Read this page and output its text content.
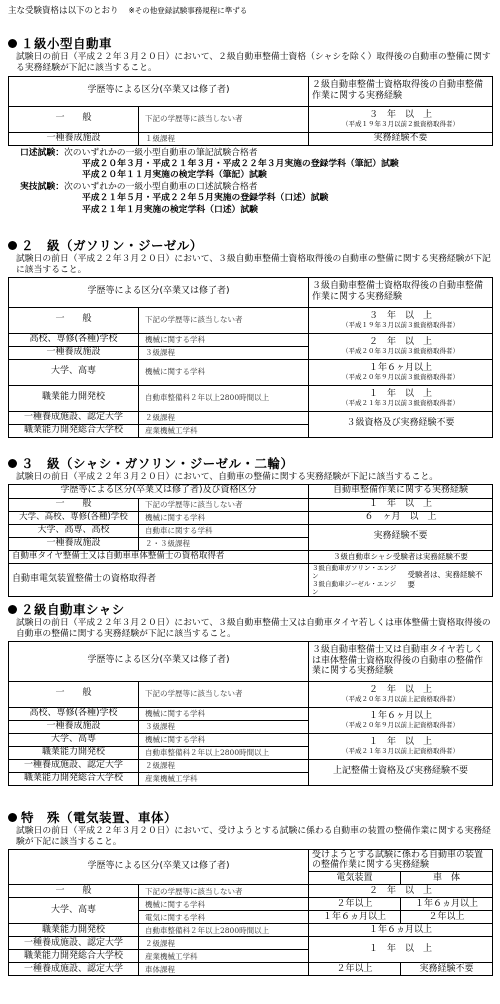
主な受験資格は以下のとおり ※その他登録試験事務規程に準ずる
１級小型自動車
試験日の前日（平成２２年３月２０日）において、２級自動車整備士資格（シャシを除く）取得後の自動車の整備に関する実務経験が下記に該当すること。
学歴等による区分(卒業又は修了者)		２級自動車整備士資格取得後の自動車整備作業に関する実務経験
一　　般	下記の学歴等に該当しない者	３　年　以　上
（平成１９年３月以前２級資格取得者）

一種養成施設	１級課程	実務経験不要
口述試験：次のいずれかの一級小型自動車の筆記試験合格者
平成２０年３月・平成２１年３月・平成２２年３月実施の登録学科（筆記）試験
平成２０年１１月実施の検定学科（筆記）試験
実技試験：次のいずれかの一級小型自動車の口述試験合格者
平成２１年５月・平成２２年５月実施の登録学科（口述）試験
平成２１年１月実施の検定学科（口述）試験
２　級（ガソリン・ジーゼル）
試験日の前日（平成２２年３月２０日）において、３級自動車整備士資格取得後の自動車の整備に関する実務経験が下記に該当すること。
学歴等による区分(卒業又は修了者)		３級自動車整備士資格取得後の自動車整備作業に関する実務経験
一　　般	下記の学歴等に該当しない者	３　年　以　上
（平成１９年３月以前３級資格取得者）

高校、専修(各種)学校	機械に関する学科	２　年　以　上
（平成２０年３月以前３級資格取得者）

一種養成施設	３級課程	
大学、高専	機械に関する学科	１年６ヶ月以上
（平成２０年９月以前３級資格取得者）

職業能力開発校	自動車整備科２年以上2800時間以上	１　年　以　上
（平成２１年３月以前３級資格取得者）

一種養成施設、認定大学	２級課程	３級資格及び実務経験不要
職業能力開発総合大学校	産業機械工学科	
３　級（シャシ・ガソリン・ジーゼル・二輪）
試験日の前日（平成２２年３月２０日）において、自動車の整備に関する実務経験が下記に該当すること。
学歴等による区分(卒業又は修了者)及び資格区分		自動車整備作業に関する実務経験
一　　般	下記の学歴等に該当しない者	１　年　以　上
大学、高校、専修(各種)学校	機械に関する学科	６　ヶ月　以　上
大学、高専、高校	自動車に関する学科	実務経験不要
一種養成施設	２・３級課程	
自動車タイヤ整備士又は自動車車体整備士の資格取得者		３級自動車シャシ受験者は実務経験不要
自動車電気装置整備士の資格取得者		３級自動車ガソリン・エンジン
３級自動車ジーゼル・エンジン
受験者は、実務経験不要
２級自動車シャシ
試験日の前日（平成２２年３月２０日）において、３級自動車整備士又は自動車タイヤ若しくは車体整備士資格取得後の自動車の整備に関する実務経験が下記に該当すること。
学歴等による区分(卒業又は修了者)		３級自動車整備士又は自動車タイヤ若しくは車体整備士資格取得後の自動車の整備作業に関する実務経験
一　　般	下記の学歴等に該当しない者	２　年　以　上
（平成２０年３月以前上記資格取得者）

高校、専修(各種)学校	機械に関する学科	１年６ヶ月以上
（平成２０年９月以前上記資格取得者）

一種養成施設	３級課程	
大学、高専	機械に関する学科	１　年　以　上
（平成２１年３月以前上記資格取得者）

職業能力開発校	自動車整備科２年以上2800時間以上	
一種養成施設、認定大学	２級課程	上記整備士資格及び実務経験不要
職業能力開発総合大学校	産業機械工学科	
特　殊（電気装置、車体）
試験日の前日（平成２２年３月２０日）において、受けようとする試験に係わる自動車の装置の整備作業に関する実務経験が下記に該当すること。
学歴等による区分(卒業又は修了者)		受けようとする試験に係わる自動車の装置の整備作業に関する実務経験	
		電気装置	車　体
一　　般	下記の学歴等に該当しない者	２　年　以　上	
大学、高専	機械に関する学科	２年以上	１年６ヵ月以上
	電気に関する学科	１年６ヵ月以上	２年以上
職業能力開発校	自動車整備科２年以上2800時間以上	１年６ヵ月以上	
一種養成施設、認定大学	２級課程	１　年　以　上	
職業能力開発総合大学校	産業機械工学科		
一種養成施設、認定大学	車体課程	２年以上	実務経験不要
